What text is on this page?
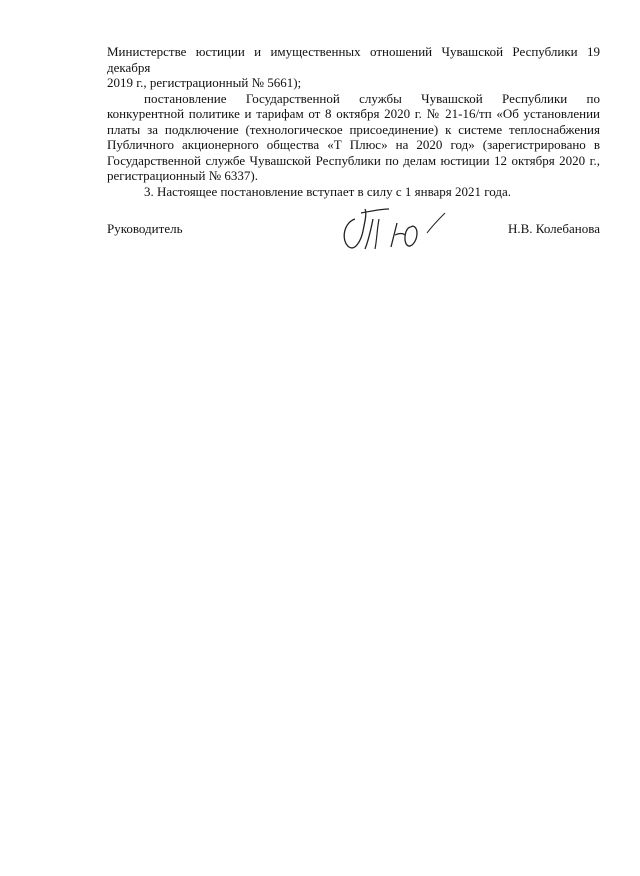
Министерстве юстиции и имущественных отношений Чувашской Республики 19 декабря
2019 г., регистрационный № 5661);

постановление Государственной службы Чувашской Республики по конкурентной политике и тарифам от 8 октября 2020 г. № 21-16/тп «Об установлении платы за подключение (технологическое присоединение) к системе теплоснабжения Публичного акционерного общества «Т Плюс» на 2020 год» (зарегистрировано в Государственной службе Чувашской Республики по делам юстиции 12 октября 2020 г., регистрационный № 6337).

3. Настоящее постановление вступает в силу с 1 января 2021 года.

Руководитель	Н.В. Колебанова
